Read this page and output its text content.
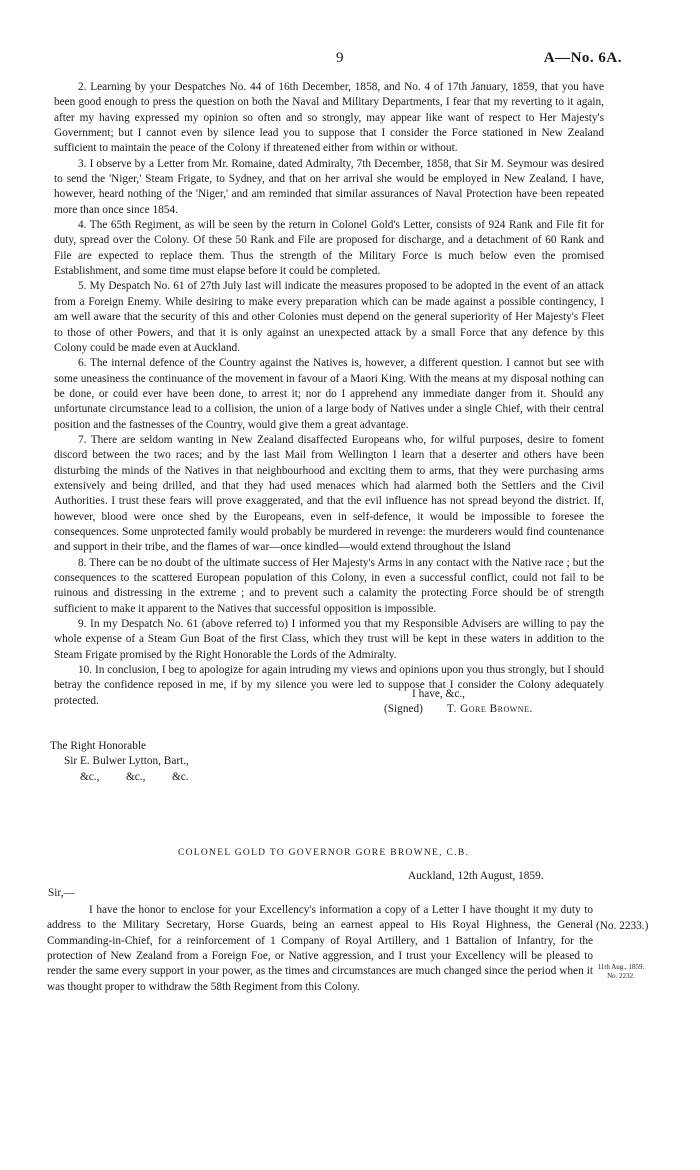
9	A—No. 6A.

2. Learning by your Despatches No. 44 of 16th December, 1858, and No. 4 of 17th January, 1859, that you have been good enough to press the question on both the Naval and Military Departments, I fear that my reverting to it again, after my having expressed my opinion so often and so strongly, may appear like want of respect to Her Majesty's Government; but I cannot even by silence lead you to suppose that I consider the Force stationed in New Zealand sufficient to maintain the peace of the Colony if threatened either from within or without.

3. I observe by a Letter from Mr. Romaine, dated Admiralty, 7th December, 1858, that Sir M. Seymour was desired to send the 'Niger,' Steam Frigate, to Sydney, and that on her arrival she would be employed in New Zealand. I have, however, heard nothing of the 'Niger,' and am reminded that similar assurances of Naval Protection have been repeated more than once since 1854.

4. The 65th Regiment, as will be seen by the return in Colonel Gold's Letter, consists of 924 Rank and File fit for duty, spread over the Colony. Of these 50 Rank and File are proposed for discharge, and a detachment of 60 Rank and File are expected to replace them. Thus the strength of the Military Force is much below even the promised Establishment, and some time must elapse before it could be completed.

5. My Despatch No. 61 of 27th July last will indicate the measures proposed to be adopted in the event of an attack from a Foreign Enemy. While desiring to make every preparation which can be made against a possible contingency, I am well aware that the security of this and other Colonies must depend on the general superiority of Her Majesty's Fleet to those of other Powers, and that it is only against an unexpected attack by a small Force that any defence by this Colony could be made even at Auckland.

6. The internal defence of the Country against the Natives is, however, a different question. I cannot but see with some uneasiness the continuance of the movement in favour of a Maori King. With the means at my disposal nothing can be done, or could ever have been done, to arrest it; nor do I apprehend any immediate danger from it. Should any unfortunate circumstance lead to a collision, the union of a large body of Natives under a single Chief, with their central position and the fastnesses of the Country, would give them a great advantage.

7. There are seldom wanting in New Zealand disaffected Europeans who, for wilful purposes, desire to foment discord between the two races; and by the last Mail from Wellington I learn that a deserter and others have been disturbing the minds of the Natives in that neighbourhood and exciting them to arms, that they were purchasing arms extensively and being drilled, and that they had used menaces which had alarmed both the Settlers and the Civil Authorities. I trust these fears will prove exaggerated, and that the evil influence has not spread beyond the district. If, however, blood were once shed by the Europeans, even in self-defence, it would be impossible to foresee the consequences. Some unprotected family would probably be murdered in revenge: the murderers would find countenance and support in their tribe, and the flames of war—once kindled—would extend throughout the Island

8. There can be no doubt of the ultimate success of Her Majesty's Arms in any contact with the Native race ; but the consequences to the scattered European population of this Colony, in even a successful conflict, could not fail to be ruinous and distressing in the extreme ; and to prevent such a calamity the protecting Force should be of strength sufficient to make it apparent to the Natives that successful opposition is impossible.

9. In my Despatch No. 61 (above referred to) I informed you that my Responsible Advisers are willing to pay the whole expense of a Steam Gun Boat of the first Class, which they trust will be kept in these waters in addition to the Steam Frigate promised by the Right Honorable the Lords of the Admiralty.

10. In conclusion, I beg to apologize for again intruding my views and opinions upon you thus strongly, but I should betray the confidence reposed in me, if by my silence you were led to suppose that I consider the Colony adequately protected.

I have, &c.,
(Signed) T. Gore Browne.
The Right Honorable
Sir E. Bulwer Lytton, Bart.,
&c., &c., &c.
COLONEL GOLD TO GOVERNOR GORE BROWNE, C.B.
Auckland, 12th August, 1859.
Sir,—

I have the honor to enclose for your Excellency's information a copy of a Letter I have thought it my duty to address to the Military Secretary, Horse Guards, being an earnest appeal to His Royal Highness, the General Commanding-in-Chief, for a reinforcement of 1 Company of Royal Artillery, and 1 Battalion of Infantry, for the protection of New Zealand from a Foreign Foe, or Native aggression, and I trust your Excellency will be pleased to render the same every support in your power, as the times and circumstances are much changed since the period when it was thought proper to withdraw the 58th Regiment from this Colony.

(No. 2233.)
11th Aug., 1859.
No. 2232.
